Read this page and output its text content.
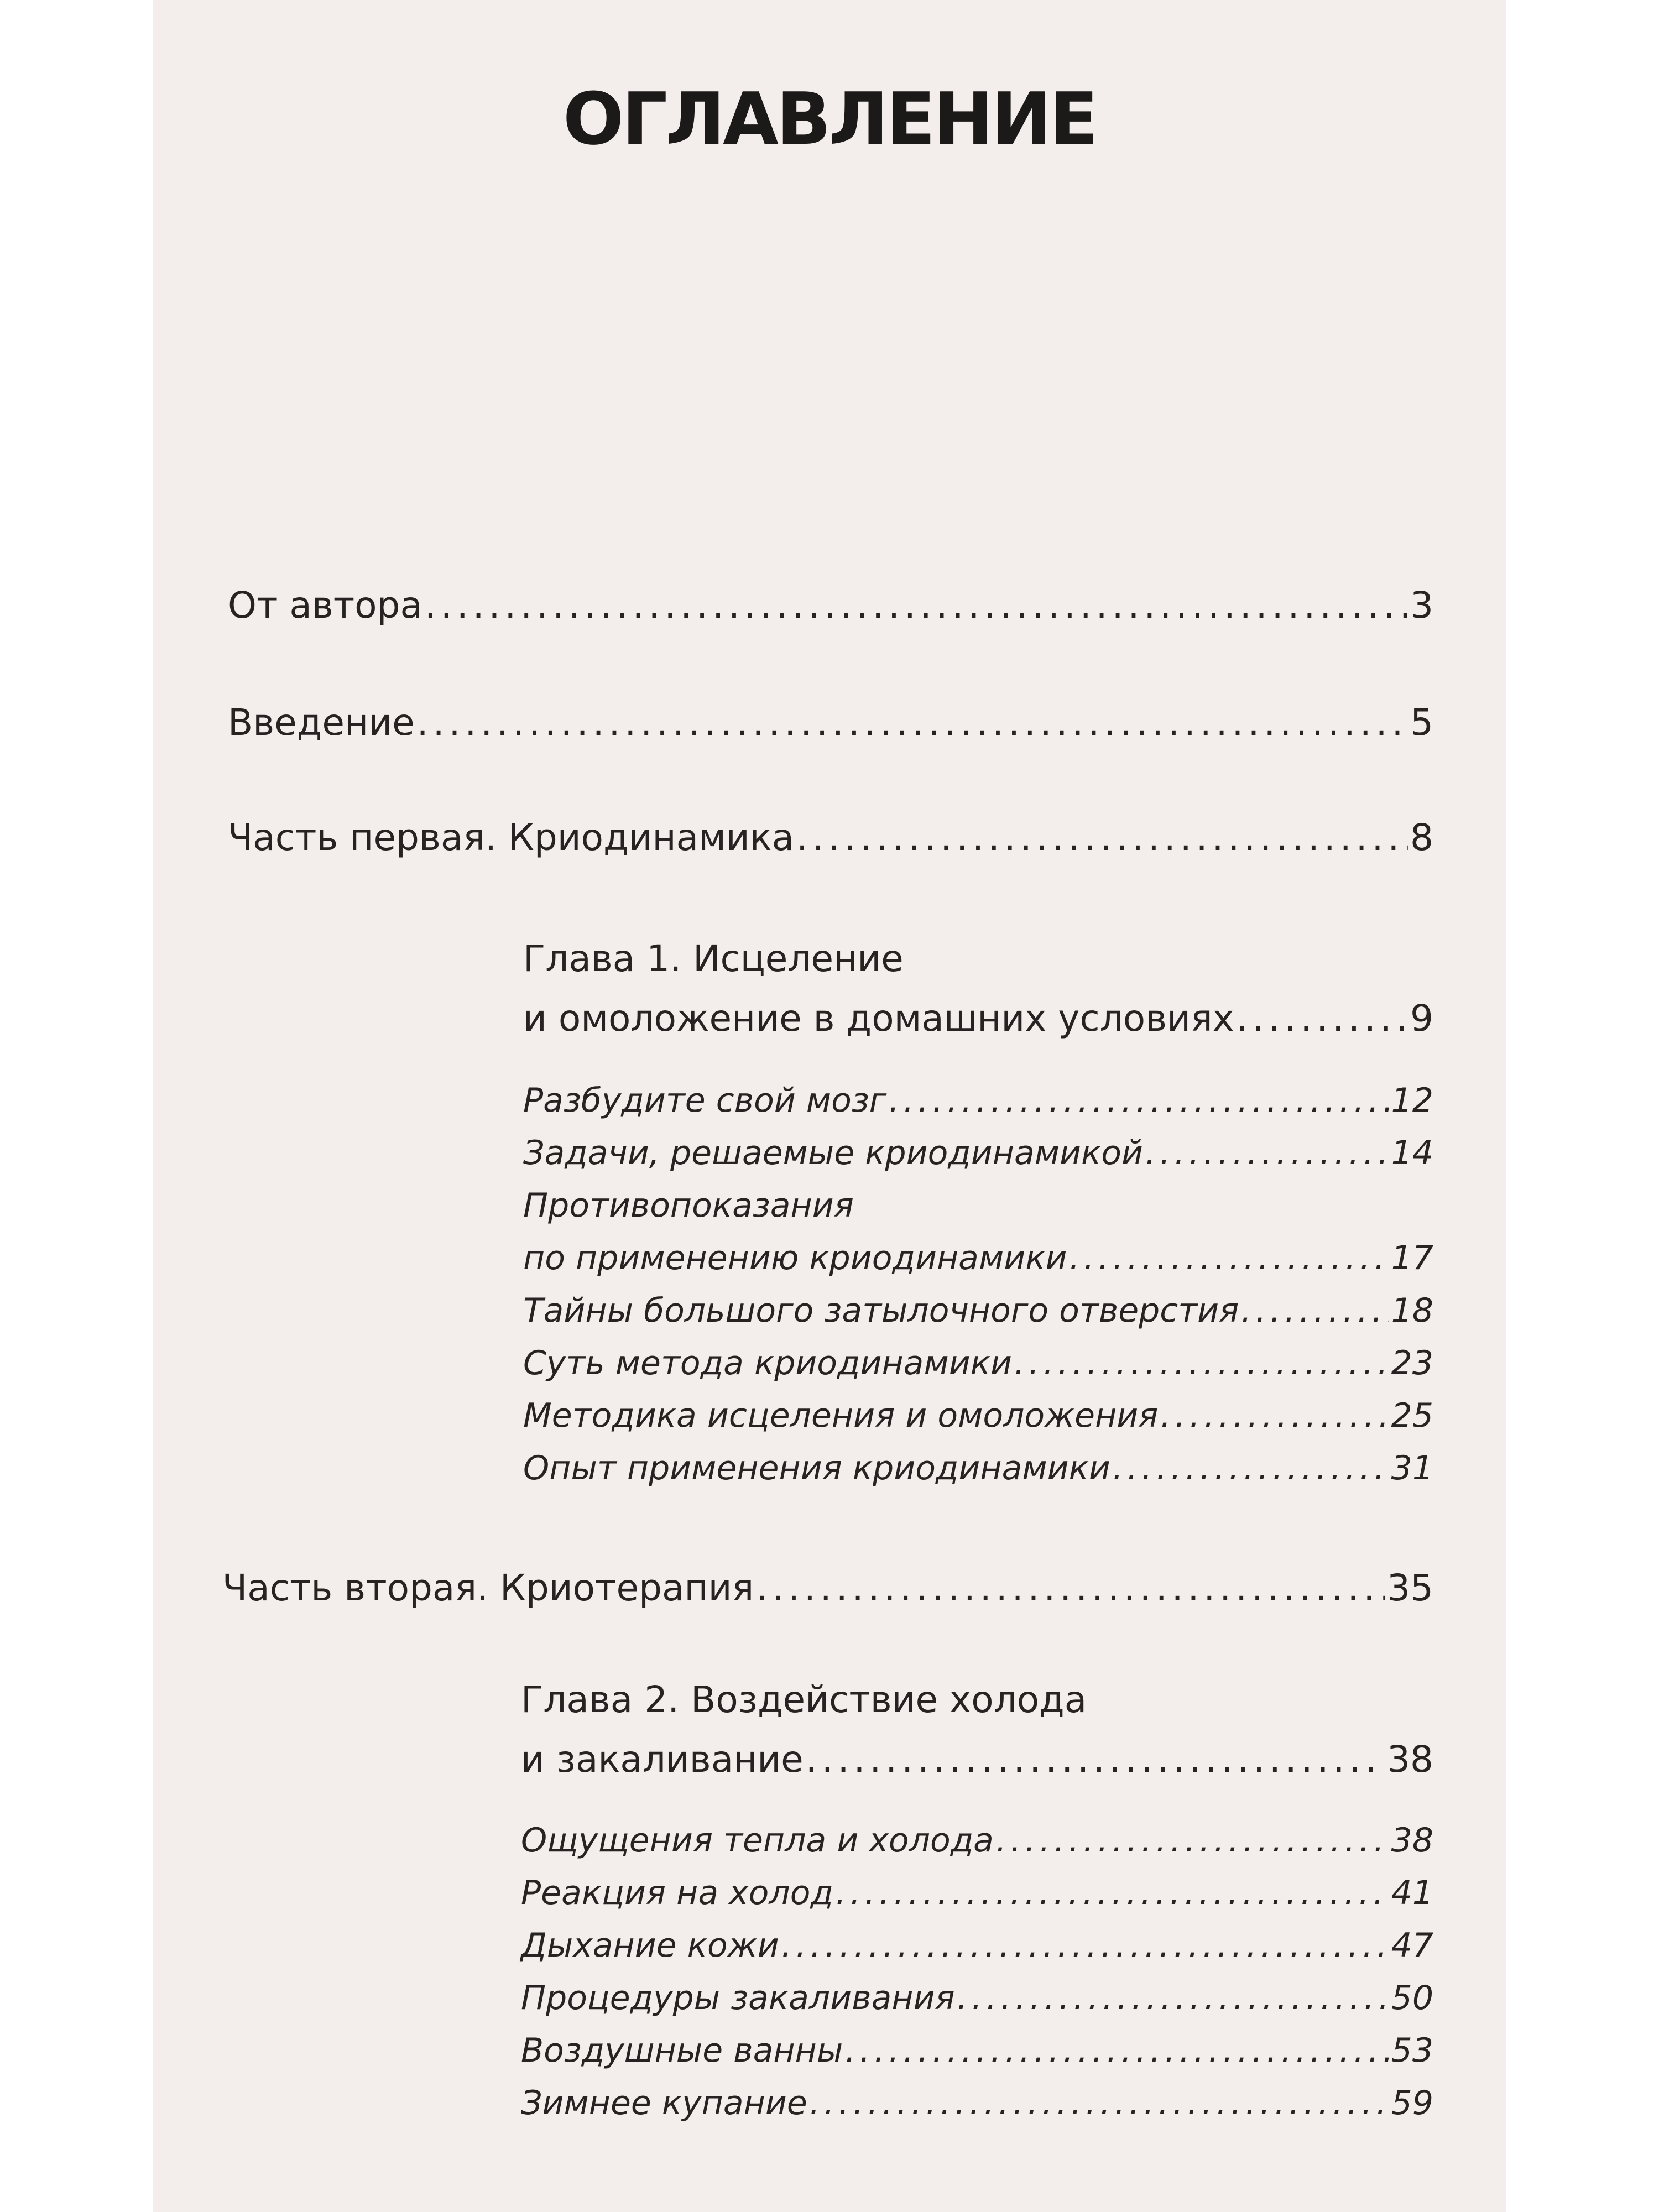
ОГЛАВЛЕНИЕ
От автора .....	3
Введение .....	5
Часть первая. Криодинамика .....	8
Глава 1. Исцеление
и омоложение в домашних условиях .....	9
Разбудите свой мозг .....	12
Задачи, решаемые криодинамикой .....	14
Противопоказания
по применению криодинамики .....	17
Тайны большого затылочного отверстия .....	18
Суть метода криодинамики .....	23
Методика исцеления и омоложения .....	25
Опыт применения криодинамики .....	31
Часть вторая. Криотерапия .....	35
Глава 2. Воздействие холода
и закаливание .....	38
Ощущения тепла и холода .....	38
Реакция на холод .....	41
Дыхание кожи .....	47
Процедуры закаливания .....	50
Воздушные ванны .....	53
Зимнее купание .....	59
